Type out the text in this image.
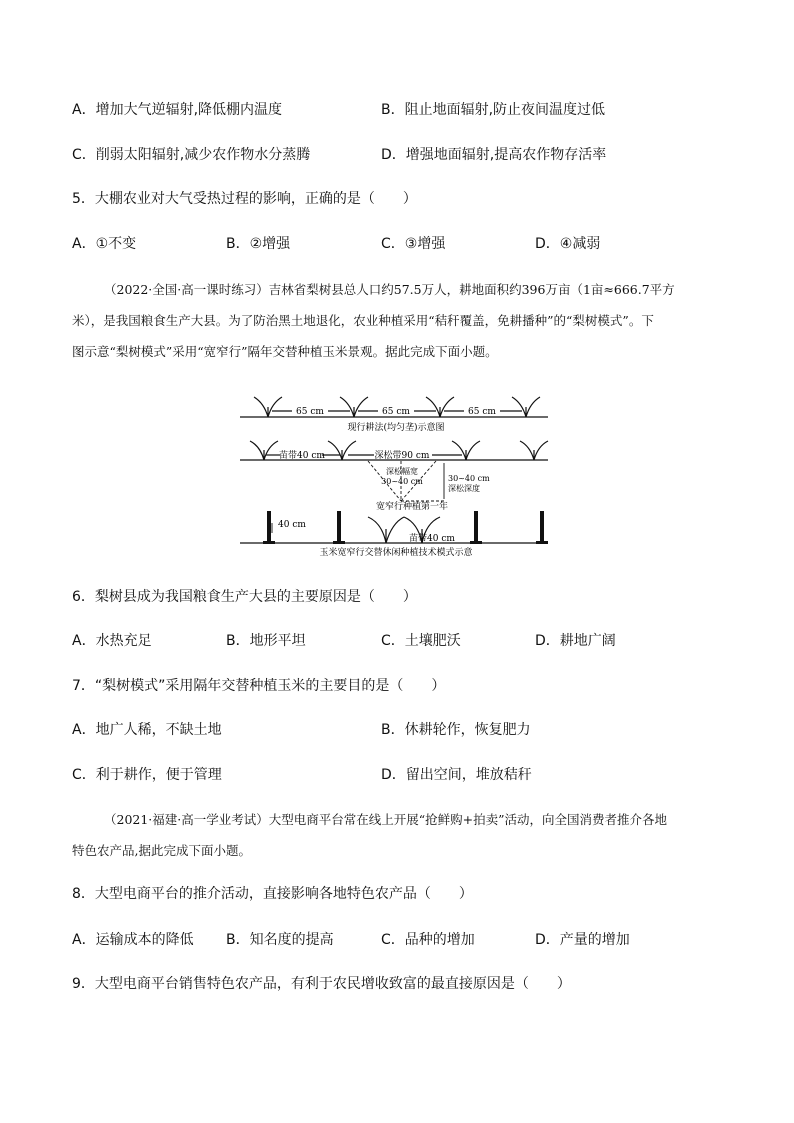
A．增加大气逆辐射,降低棚内温度	B．阻止地面辐射,防止夜间温度过低
C．削弱太阳辐射,减少农作物水分蒸腾	D．增强地面辐射,提高农作物存活率
5．大棚农业对大气受热过程的影响，正确的是（　　）
A．①不变	B．②增强	C．③增强	D．④减弱
（2022·全国·高一课时练习）吉林省梨树县总人口约57.5万人，耕地面积约396万亩（1亩≈666.7平方
米），是我国粮食生产大县。为了防治黑土地退化，农业种植采用“秸秆覆盖，免耕播种”的“梨树模式”。下
图示意“梨树模式”采用“宽窄行”隔年交替种植玉米景观。据此完成下面小题。
65 cm	65 cm	65 cm
现行耕法(均匀垄)示意图
苗带40 cm	深松带90 cm
深松幅宽
30~40 cm	30~40 cm
深松深度
宽窄行种植第一年
40 cm
苗带40 cm
玉米宽窄行交替休闲种植技术模式示意
6．梨树县成为我国粮食生产大县的主要原因是（　　）
A．水热充足	B．地形平坦	C．土壤肥沃	D．耕地广阔
7．“梨树模式”采用隔年交替种植玉米的主要目的是（　　）
A．地广人稀，不缺土地	B．休耕轮作，恢复肥力
C．利于耕作，便于管理	D．留出空间，堆放秸秆
（2021·福建·高一学业考试）大型电商平台常在线上开展“抢鲜购+拍卖”活动，向全国消费者推介各地
特色农产品,据此完成下面小题。
8．大型电商平台的推介活动，直接影响各地特色农产品（　　）
A．运输成本的降低 B．知名度的提高	C．品种的增加	D．产量的增加
9．大型电商平台销售特色农产品，有利于农民增收致富的最直接原因是（　　）
